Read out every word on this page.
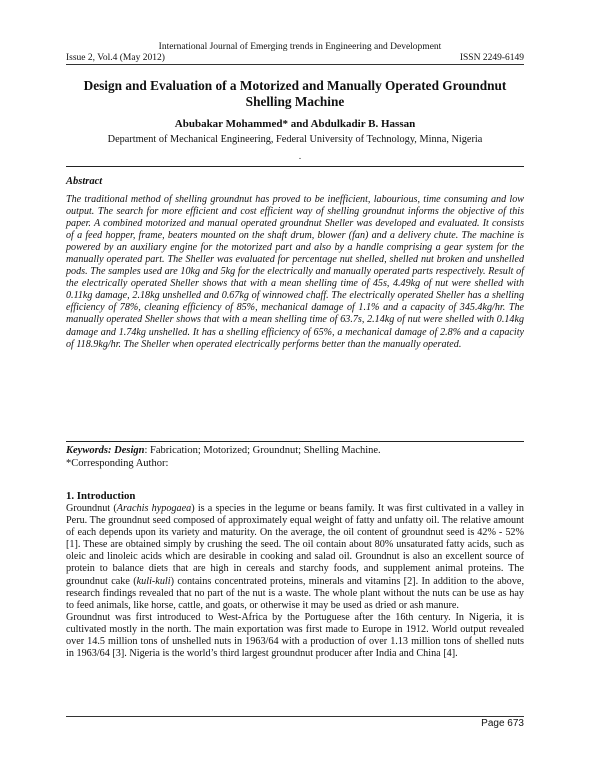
International Journal of Emerging trends in Engineering and Development
Issue 2, Vol.4 (May 2012)	ISSN 2249-6149
Design and Evaluation of a Motorized and Manually Operated Groundnut Shelling Machine
Abubakar Mohammed* and Abdulkadir B. Hassan
Department of Mechanical Engineering, Federal University of Technology, Minna, Nigeria
.
Abstract
The traditional method of shelling groundnut has proved to be inefficient, labourious, time consuming and low output. The search for more efficient and cost efficient way of shelling groundnut informs the objective of this paper. A combined motorized and manual operated groundnut Sheller was developed and evaluated. It consists of a feed hopper, frame, beaters mounted on the shaft drum, blower (fan) and a delivery chute. The machine is powered by an auxiliary engine for the motorized part and also by a handle comprising a gear system for the manually operated part. The Sheller was evaluated for percentage nut shelled, shelled nut broken and unshelled pods. The samples used are 10kg and 5kg for the electrically and manually operated parts respectively. Result of the electrically operated Sheller shows that with a mean shelling time of 45s, 4.49kg of nut were shelled with 0.11kg damage, 2.18kg unshelled and 0.67kg of winnowed chaff. The electrically operated Sheller has a shelling efficiency of 78%, cleaning efficiency of 85%, mechanical damage of 1.1% and a capacity of 345.4kg/hr. The manually operated Sheller shows that with a mean shelling time of 63.7s, 2.14kg of nut were shelled with 0.14kg damage and 1.74kg unshelled. It has a shelling efficiency of 65%, a mechanical damage of 2.8% and a capacity of 118.9kg/hr. The Sheller when operated electrically performs better than the manually operated.
Keywords: Design: Fabrication; Motorized; Groundnut; Shelling Machine.
*Corresponding Author:
1. Introduction

Groundnut (Arachis hypogaea) is a species in the legume or beans family. It was first cultivated in a valley in Peru. The groundnut seed composed of approximately equal weight of fatty and unfatty oil. The relative amount of each depends upon its variety and maturity. On the average, the oil content of groundnut seed is 42% - 52% [1]. These are obtained simply by crushing the seed. The oil contain about 80% unsaturated fatty acids, such as oleic and linoleic acids which are desirable in cooking and salad oil. Groundnut is also an excellent source of protein to balance diets that are high in cereals and starchy foods, and supplement animal proteins. The groundnut cake (kuli-kuli) contains concentrated proteins, minerals and vitamins [2]. In addition to the above, research findings revealed that no part of the nut is a waste. The whole plant without the nuts can be use as hay to feed animals, like horse, cattle, and goats, or otherwise it may be used as dried or ash manure.

Groundnut was first introduced to West-Africa by the Portuguese after the 16th century. In Nigeria, it is cultivated mostly in the north. The main exportation was first made to Europe in 1912. World output revealed over 14.5 million tons of unshelled nuts in 1963/64 with a production of over 1.13 million tons of shelled nuts in 1963/64 [3]. Nigeria is the world’s third largest groundnut producer after India and China [4].

Page 673
